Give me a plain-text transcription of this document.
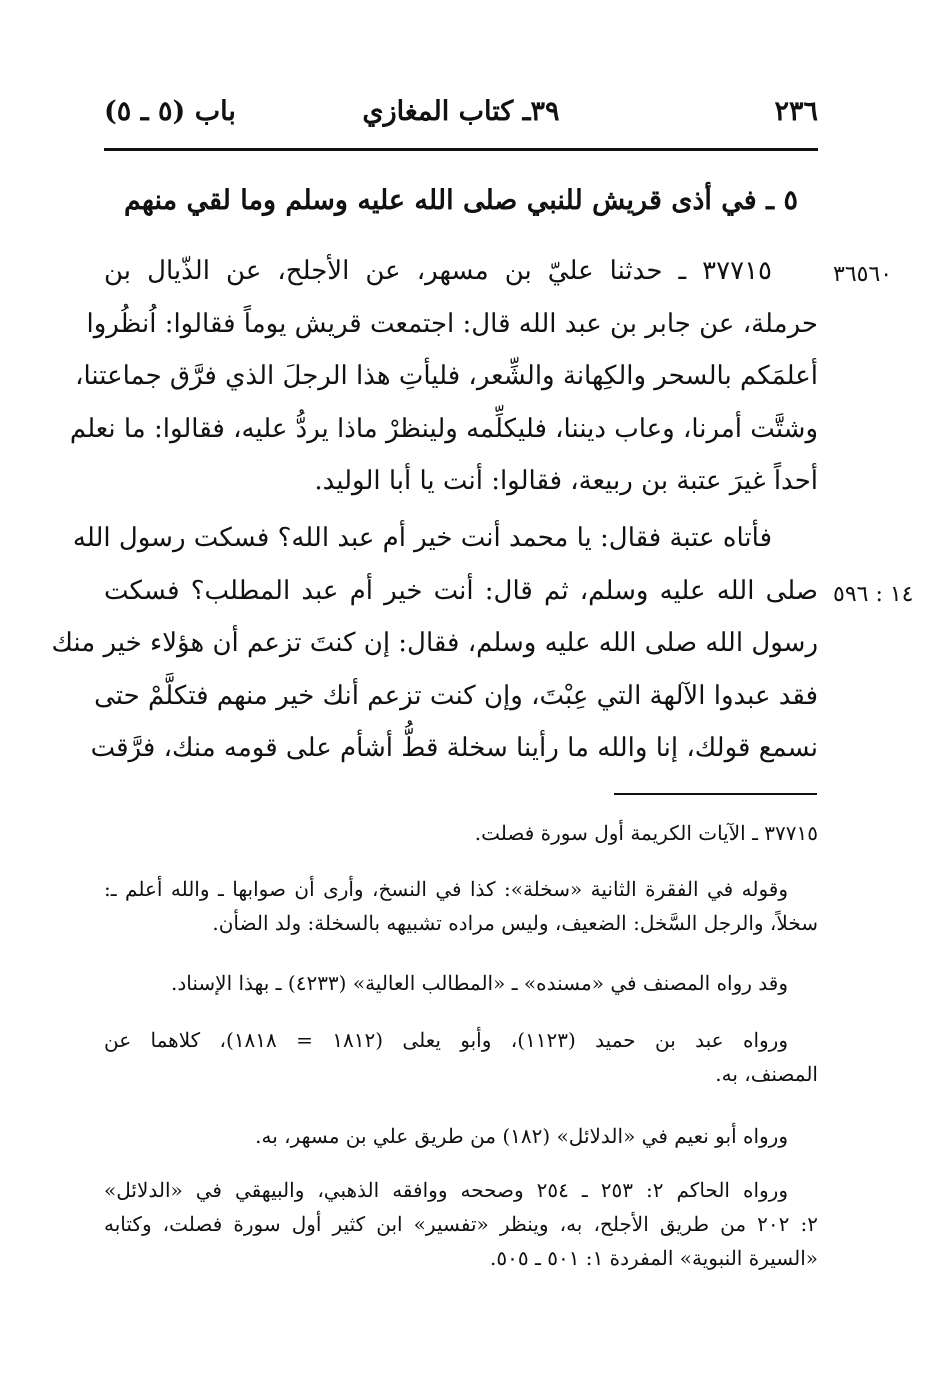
٢٣٦
٣٩ـ كتاب المغازي
باب (٥ ـ ٥)
٥ ـ في أذى قريش للنبي صلى الله عليه وسلم وما لقي منهم
٣٦٥٦٠
١٤ : ٥٩٦

٣٧٧١٥ ـ حدثنا عليّ بن مسهر، عن الأجلح، عن الذّيال بن
حرملة، عن جابر بن عبد الله قال: اجتمعت قريش يوماً فقالوا: اُنظُروا
أعلمَكم بالسحر والكِهانة والشِّعر، فليأتِ هذا الرجلَ الذي فرَّق جماعتنا،
وشتَّت أمرنا، وعاب ديننا، فليكلِّمه ولينظرْ ماذا يردُّ عليه، فقالوا: ما نعلم
أحداً غيرَ عتبة بن ربيعة، فقالوا: أنت يا أبا الوليد.

فأتاه عتبة فقال: يا محمد أنت خير أم عبد الله؟ فسكت رسول الله
صلى الله عليه وسلم، ثم قال: أنت خير أم عبد المطلب؟ فسكت
رسول الله صلى الله عليه وسلم، فقال: إن كنتَ تزعم أن هؤلاء خير منك
فقد عبدوا الآلهة التي عِبْتَ، وإن كنت تزعم أنك خير منهم فتكلَّمْ حتى
نسمع قولك، إنا والله ما رأينا سخلة قطُّ أشأم على قومه منك، فرَّقت

٣٧٧١٥ ـ الآيات الكريمة أول سورة فصلت.

وقوله في الفقرة الثانية «سخلة»: كذا في النسخ، وأرى أن صوابها ـ والله أعلم ـ:
سخلاً، والرجل السَّخل: الضعيف، وليس مراده تشبيهه بالسخلة: ولد الضأن.

وقد رواه المصنف في «مسنده» ـ «المطالب العالية» (٤٢٣٣) ـ بهذا الإسناد.

ورواه عبد بن حميد (١١٢٣)، وأبو يعلى (١٨١٢ = ١٨١٨)، كلاهما عن
المصنف، به.

ورواه أبو نعيم في «الدلائل» (١٨٢) من طريق علي بن مسهر، به.

ورواه الحاكم ٢: ٢٥٣ ـ ٢٥٤ وصححه ووافقه الذهبي، والبيهقي في «الدلائل»
٢: ٢٠٢ من طريق الأجلح، به، وينظر «تفسير» ابن كثير أول سورة فصلت، وكتابه
«السيرة النبوية» المفردة ١: ٥٠١ ـ ٥٠٥.
